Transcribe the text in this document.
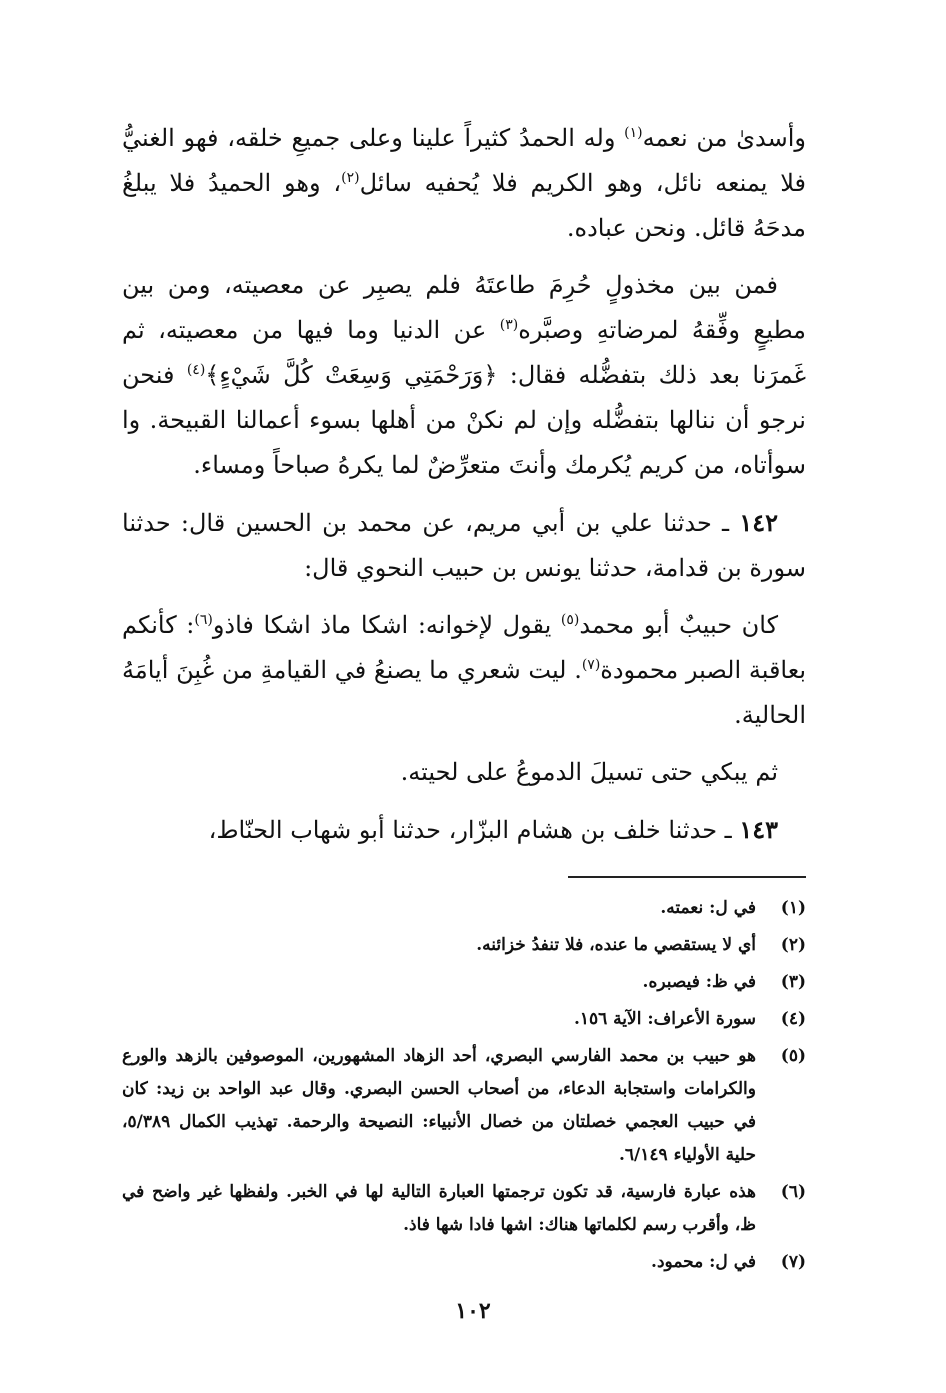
وأسدىٰ من نعمه$^{(١)}$ وله الحمدُ كثيراً علينا وعلى جميعِ خلقه، فهو الغنيُّ فلا يمنعه نائل، وهو الكريم فلا يُحفيه سائل$^{(٢)}$، وهو الحميدُ فلا يبلغُ مدحَهُ قائل. ونحن عباده.

فمن بين مخذولٍ حُرِمَ طاعتَهُ فلم يصبِر عن معصيته، ومن بين مطيعٍ وفِّقهُ لمرضاتهِ وصبَّره$^{(٣)}$ عن الدنيا وما فيها من معصيته، ثم غَمرَنا بعد ذلك بتفضُّله فقال: ﴿وَرَحْمَتِي وَسِعَتْ كُلَّ شَيْءٍ﴾$^{(٤)}$ فنحن نرجو أن ننالها بتفضُّله وإن لم نكنْ من أهلها بسوء أعمالنا القبيحة. وا سوأتاه، من كريم يُكرمك وأنتَ متعرِّضٌ لما يكرهُ صباحاً ومساء.

١٤٢ ـ حدثنا علي بن أبي مريم، عن محمد بن الحسين قال: حدثنا سورة بن قدامة، حدثنا يونس بن حبيب النحوي قال:

كان حبيبٌ أبو محمد$^{(٥)}$ يقول لإخوانه: اشكا ماذ اشكا فاذو$^{(٦)}$: كأنكم بعاقبة الصبر محمودة$^{(٧)}$. ليت شعري ما يصنعُ في القيامةِ من غُبِنَ أيامَهُ الحالية.

ثم يبكي حتى تسيلَ الدموعُ على لحيته.

١٤٣ ـ حدثنا خلف بن هشام البزّار، حدثنا أبو شهاب الحنّاط،

(١)
في ل: نعمته.
(٢)
أي لا يستقصي ما عنده، فلا تنفدُ خزائنه.
(٣)
في ظ: فيصبره.
(٤)
سورة الأعراف: الآية ١٥٦.
(٥)
هو حبيب بن محمد الفارسي البصري، أحد الزهاد المشهورين، الموصوفين بالزهد والورع والكرامات واستجابة الدعاء، من أصحاب الحسن البصري. وقال عبد الواحد بن زيد: كان في حبيب العجمي خصلتان من خصال الأنبياء: النصيحة والرحمة. تهذيب الكمال ٥/٣٨٩، حلية الأولياء ٦/١٤٩.
(٦)
هذه عبارة فارسية، قد تكون ترجمتها العبارة التالية لها في الخبر. ولفظها غير واضح في ظ، وأقرب رسم لكلماتها هناك: اشها فادا شها فاذ.
(٧)
في ل: محمود.
١٠٢
